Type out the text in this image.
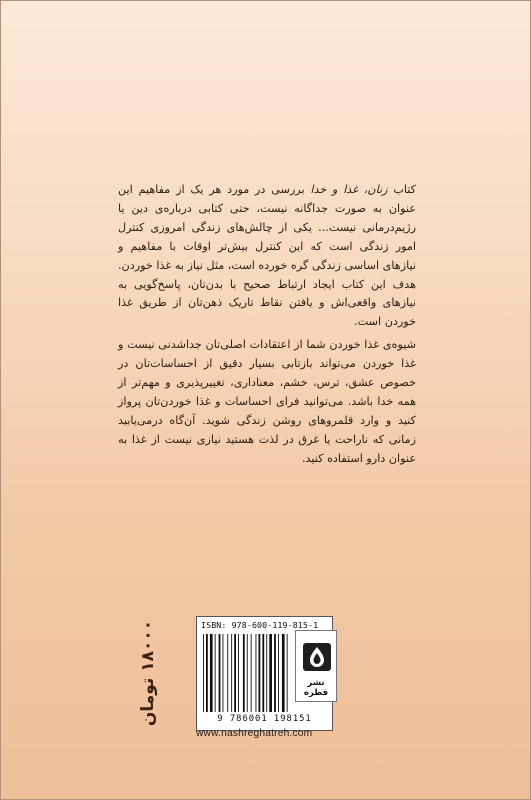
کتاب زنان، غذا و خدا بررسی در مورد هر یک از مفاهیم این عنوان به صورت جداگانه نیست، حتی کتابی درباره‌ی دین یا رژیم‌درمانی نیست... یکی از چالش‌های زندگی امروزی کنترل امور زندگی است که این کنترل بیش‌تر اوقات با مفاهیم و نیازهای اساسی زندگی گره خورده است، مثل نیاز به غذا خوردن. هدف این کتاب ایجاد ارتباط صحیح با بدن‌تان، پاسخ‌گویی به نیازهای واقعی‌اش و یافتن نقاط تاریک ذهن‌تان از طریق غذا خوردن است.

شیوه‌ی غذا خوردن شما از اعتقادات اصلی‌تان جداشدنی نیست و غذا خوردن می‌تواند بازتابی بسیار دقیق از احساسات‌تان در خصوص عشق، ترس، خشم، معناداری، تغییرپذیری و مهم‌تر از همه خدا باشد. می‌توانید فرای احساسات و غذا خوردن‌تان پرواز کنید و وارد قلمروهای روشن زندگی شوید. آن‌گاه درمی‌یابید زمانی که ناراحت یا غرق در لذت هستید نیازی نیست از غذا به عنوان دارو استفاده کنید.

۱۸۰۰۰ تومان	ISBN: 978-600-119-815-1
9 786001 198151
نشر قطره
www.nashreghatreh.com
